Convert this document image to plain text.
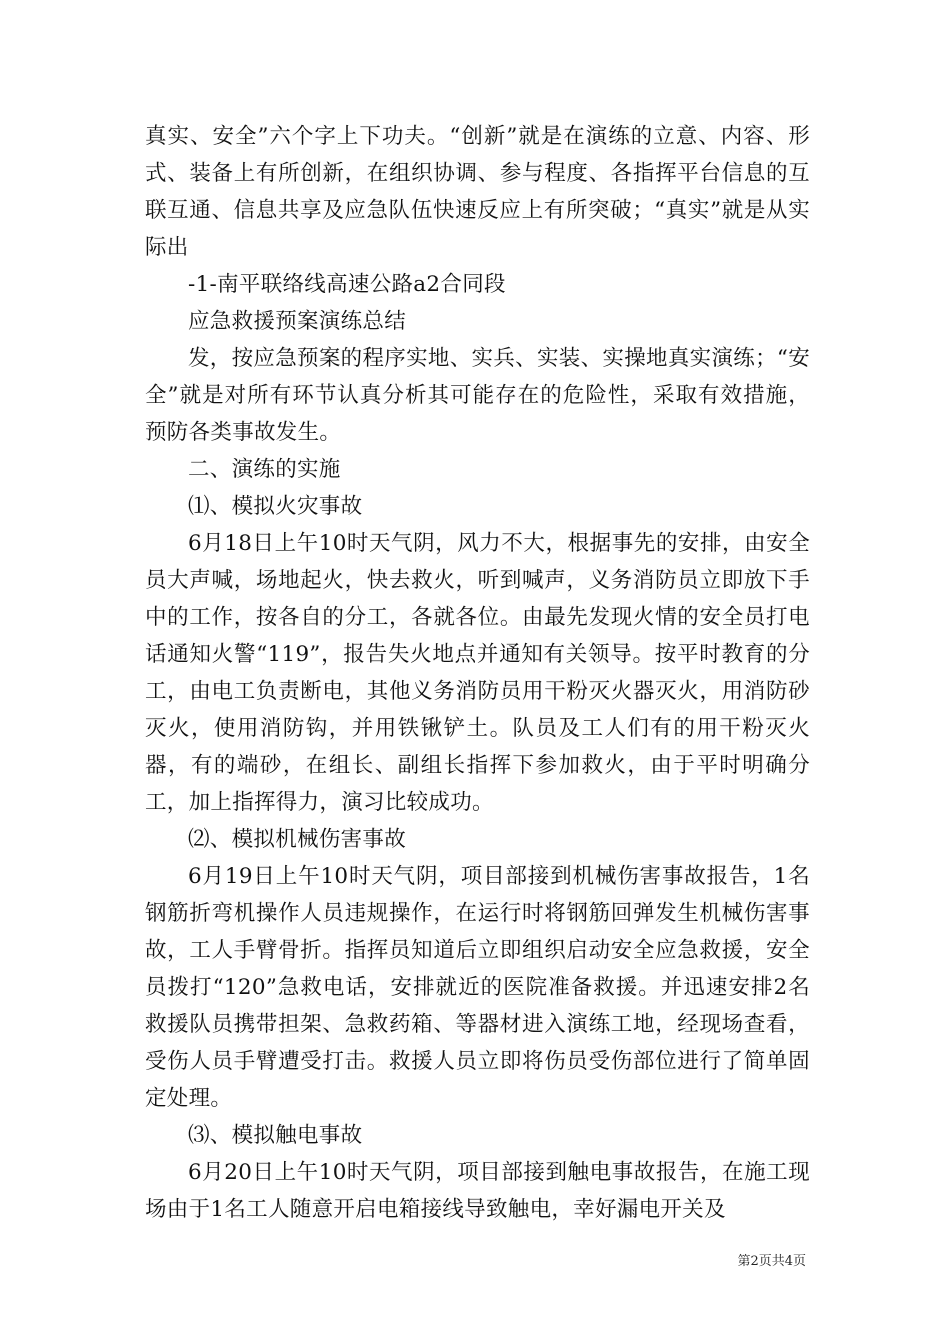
真实、安全”六个字上下功夫。“创新”就是在演练的立意、内容、形式、装备上有所创新，在组织协调、参与程度、各指挥平台信息的互联互通、信息共享及应急队伍快速反应上有所突破；“真实”就是从实际出

-1-南平联络线高速公路a2合同段

应急救援预案演练总结

发，按应急预案的程序实地、实兵、实装、实操地真实演练；“安全”就是对所有环节认真分析其可能存在的危险性，采取有效措施，预防各类事故发生。

二、演练的实施

⑴、模拟火灾事故

6月18日上午10时天气阴，风力不大，根据事先的安排，由安全员大声喊，场地起火，快去救火，听到喊声，义务消防员立即放下手中的工作，按各自的分工，各就各位。由最先发现火情的安全员打电话通知火警“119”，报告失火地点并通知有关领导。按平时教育的分工，由电工负责断电，其他义务消防员用干粉灭火器灭火，用消防砂灭火，使用消防钩，并用铁锹铲土。队员及工人们有的用干粉灭火器，有的端砂，在组长、副组长指挥下参加救火，由于平时明确分工，加上指挥得力，演习比较成功。

⑵、模拟机械伤害事故

6月19日上午10时天气阴，项目部接到机械伤害事故报告，1名钢筋折弯机操作人员违规操作，在运行时将钢筋回弹发生机械伤害事故，工人手臂骨折。指挥员知道后立即组织启动安全应急救援，安全员拨打“120”急救电话，安排就近的医院准备救援。并迅速安排2名救援队员携带担架、急救药箱、等器材进入演练工地，经现场查看，受伤人员手臂遭受打击。救援人员立即将伤员受伤部位进行了简单固定处理。

⑶、模拟触电事故

6月20日上午10时天气阴，项目部接到触电事故报告，在施工现场由于1名工人随意开启电箱接线导致触电，幸好漏电开关及

第2页共4页
